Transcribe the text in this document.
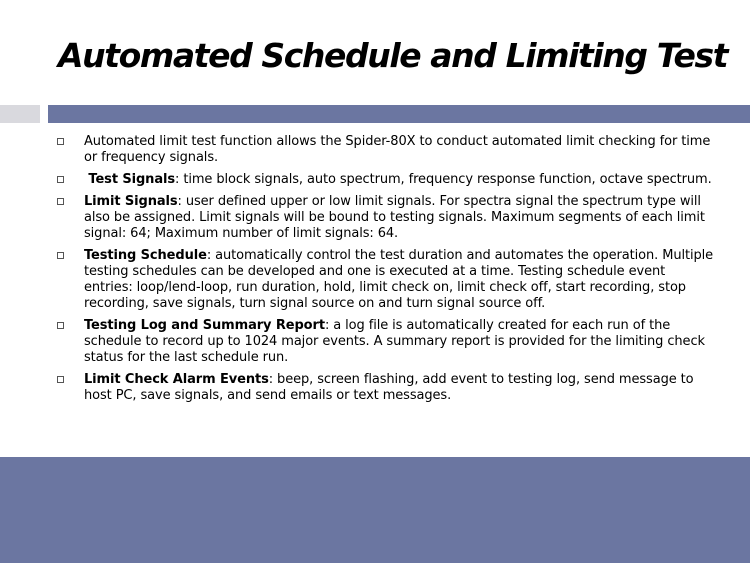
Automated Schedule and Limiting Test
Automated limit test function allows the Spider-80X to conduct automated limit checking for time or frequency signals.
Test Signals: time block signals, auto spectrum, frequency response function, octave spectrum.
Limit Signals: user defined upper or low limit signals. For spectra signal the spectrum type will also be assigned. Limit signals will be bound to testing signals. Maximum segments of each limit signal: 64; Maximum number of limit signals: 64.
Testing Schedule: automatically control the test duration and automates the operation. Multiple testing schedules can be developed and one is executed at a time. Testing schedule event entries: loop/lend-loop, run duration, hold, limit check on, limit check off, start recording, stop recording, save signals, turn signal source on and turn signal source off.
Testing Log and Summary Report: a log file is automatically created for each run of the schedule to record up to 1024 major events. A summary report is provided for the limiting check status for the last schedule run.
Limit Check Alarm Events: beep, screen flashing, add event to testing log, send message to host PC, save signals, and send emails or text messages.
